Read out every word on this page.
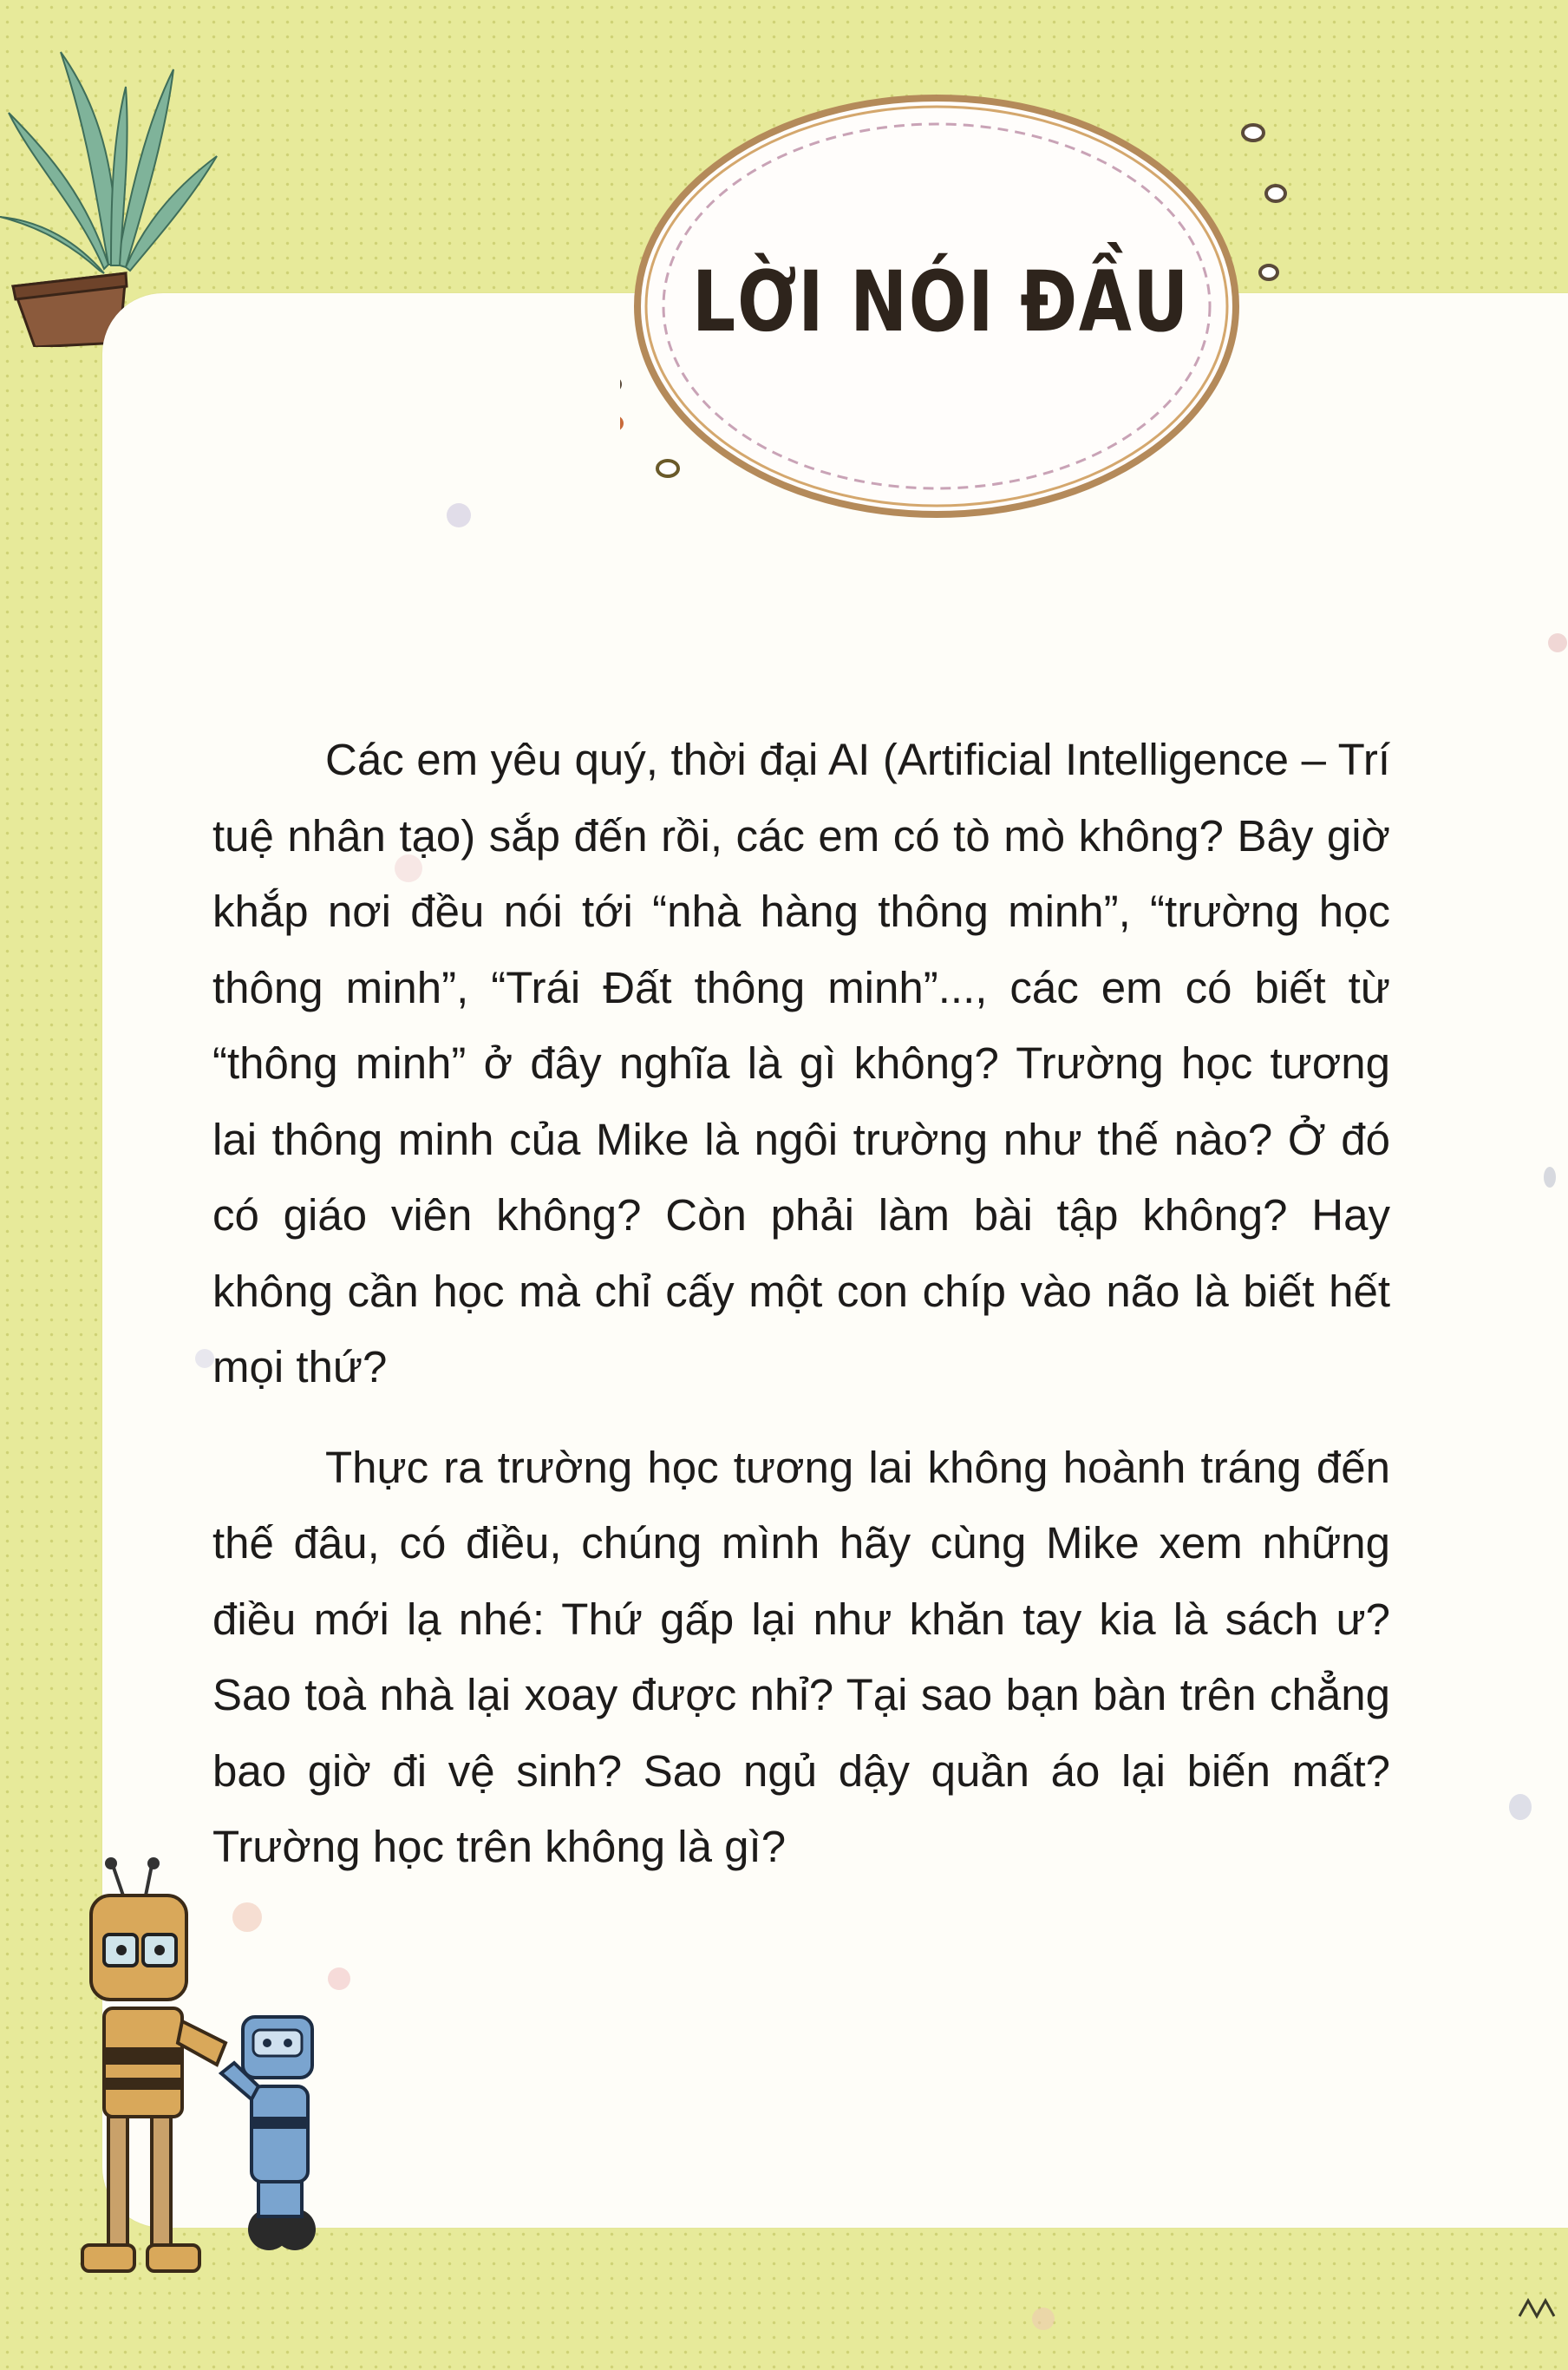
LỜI NÓI ĐẦU

Các em yêu quý, thời đại AI (Artificial Intelligence – Trí tuệ nhân tạo) sắp đến rồi, các em có tò mò không? Bây giờ khắp nơi đều nói tới “nhà hàng thông minh”, “trường học thông minh”, “Trái Đất thông minh”..., các em có biết từ “thông minh” ở đây nghĩa là gì không? Trường học tương lai thông minh của Mike là ngôi trường như thế nào? Ở đó có giáo viên không? Còn phải làm bài tập không? Hay không cần học mà chỉ cấy một con chíp vào não là biết hết mọi thứ?

Thực ra trường học tương lai không hoành tráng đến thế đâu, có điều, chúng mình hãy cùng Mike xem những điều mới lạ nhé: Thứ gấp lại như khăn tay kia là sách ư? Sao toà nhà lại xoay được nhỉ? Tại sao bạn bàn trên chẳng bao giờ đi vệ sinh? Sao ngủ dậy quần áo lại biến mất? Trường học trên không là gì?
